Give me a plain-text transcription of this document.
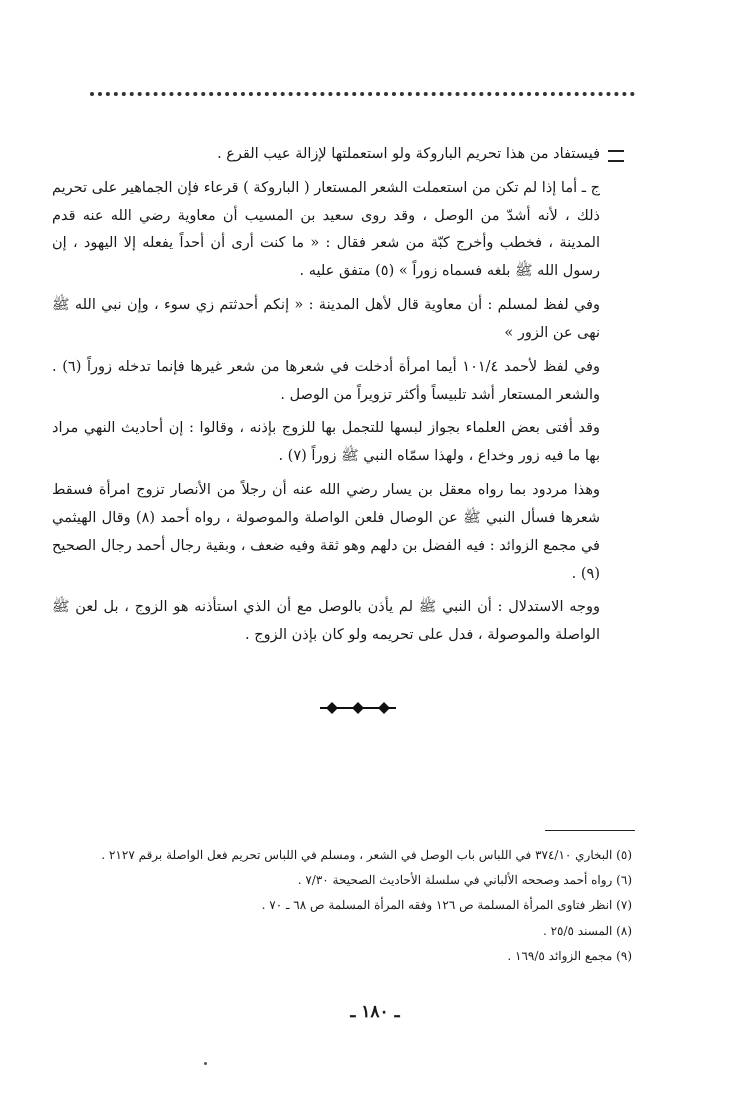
فيستفاد من هذا تحريم الباروكة ولو استعملتها لإزالة عيب القرع .

ج ـ أما إذا لم تكن من استعملت الشعر المستعار ( الباروكة ) قرعاء فإن الجماهير على تحريم ذلك ، لأنه أشدّ من الوصل ، وقد روى سعيد بن المسيب أن معاوية رضي الله عنه قدم المدينة ، فخطب وأخرج كبّة من شعر فقال : « ما كنت أرى أن أحداً يفعله إلا اليهود ، إن رسول الله ﷺ بلغه فسماه زوراً » (٥) متفق عليه .

وفي لفظ لمسلم : أن معاوية قال لأهل المدينة : « إنكم أحدثتم زي سوء ، وإن نبي الله ﷺ نهى عن الزور »

وفي لفظ لأحمد ١٠١/٤ أيما امرأة أدخلت في شعرها من شعر غيرها فإنما تدخله زوراً (٦) . والشعر المستعار أشد تلبيساً وأكثر تزويراً من الوصل .

وقد أفتى بعض العلماء بجواز لبسها للتجمل بها للزوج بإذنه ، وقالوا : إن أحاديث النهي مراد بها ما فيه زور وخداع ، ولهذا سمّاه النبي ﷺ زوراً (٧) .

وهذا مردود بما رواه معقل بن يسار رضي الله عنه أن رجلاً من الأنصار تزوج امرأة فسقط شعرها فسأل النبي ﷺ عن الوصال فلعن الواصلة والموصولة ، رواه أحمد (٨) وقال الهيثمي في مجمع الزوائد : فيه الفضل بن دلهم وهو ثقة وفيه ضعف ، وبقية رجال أحمد رجال الصحيح (٩) .

ووجه الاستدلال : أن النبي ﷺ لم يأذن بالوصل مع أن الذي استأذنه هو الزوج ، بل لعن ﷺ الواصلة والموصولة ، فدل على تحريمه ولو كان بإذن الزوج .

(٥) البخاري ٣٧٤/١٠ في اللباس باب الوصل في الشعر ، ومسلم في اللباس تحريم فعل الواصلة برقم ٢١٢٧ .
(٦) رواه أحمد وصححه الألباني في سلسلة الأحاديث الصحيحة ٧/٣٠ .
(٧) انظر فتاوى المرأة المسلمة ص ١٢٦ وفقه المرأة المسلمة ص ٦٨ ـ ٧٠ .
(٨) المسند ٢٥/٥ .
(٩) مجمع الزوائد ١٦٩/٥ .
ـ ١٨٠ ـ
